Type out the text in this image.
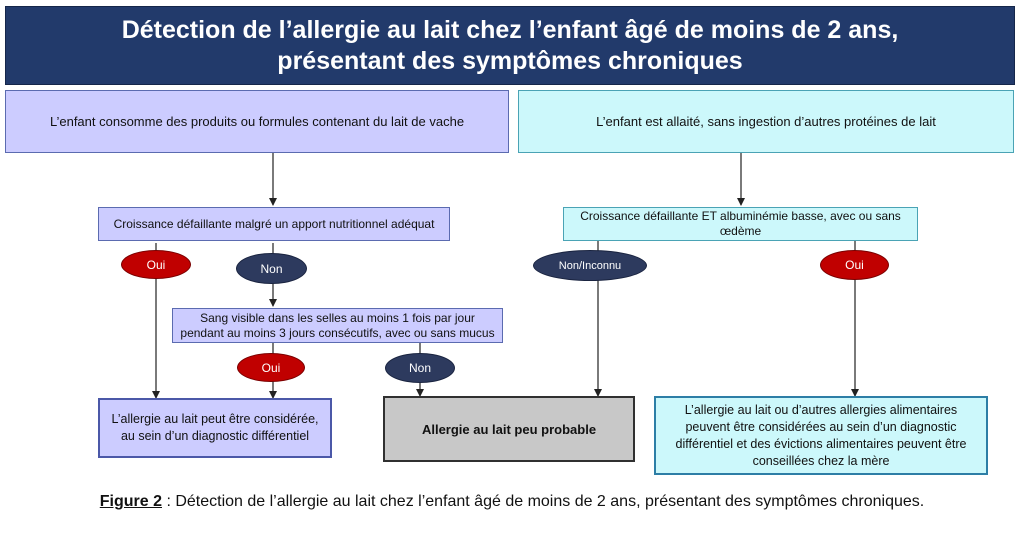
Détection de l’allergie au lait chez l’enfant âgé de moins de 2 ans,
présentant des symptômes chroniques
L’enfant consomme des produits ou formules contenant du lait de vache	L’enfant est allaité, sans ingestion d’autres protéines de lait
Croissance défaillante malgré un apport nutritionnel adéquat
Croissance défaillante ET albuminémie basse, avec ou sans œdème
Sang visible dans les selles au moins 1 fois par jour pendant au moins 3 jours consécutifs, avec ou sans mucus
Oui	Non
Oui	Non
Non/Inconnu	Oui
L’allergie au lait peut être considérée, au sein d’un diagnostic différentiel	Allergie au lait peu probable
L’allergie au lait ou d’autres allergies alimentaires peuvent être considérées au sein d’un diagnostic différentiel et des évictions alimentaires peuvent être conseillées chez la mère
Figure 2 : Détection de l’allergie au lait chez l’enfant âgé de moins de 2 ans, présentant des symptômes chroniques.
